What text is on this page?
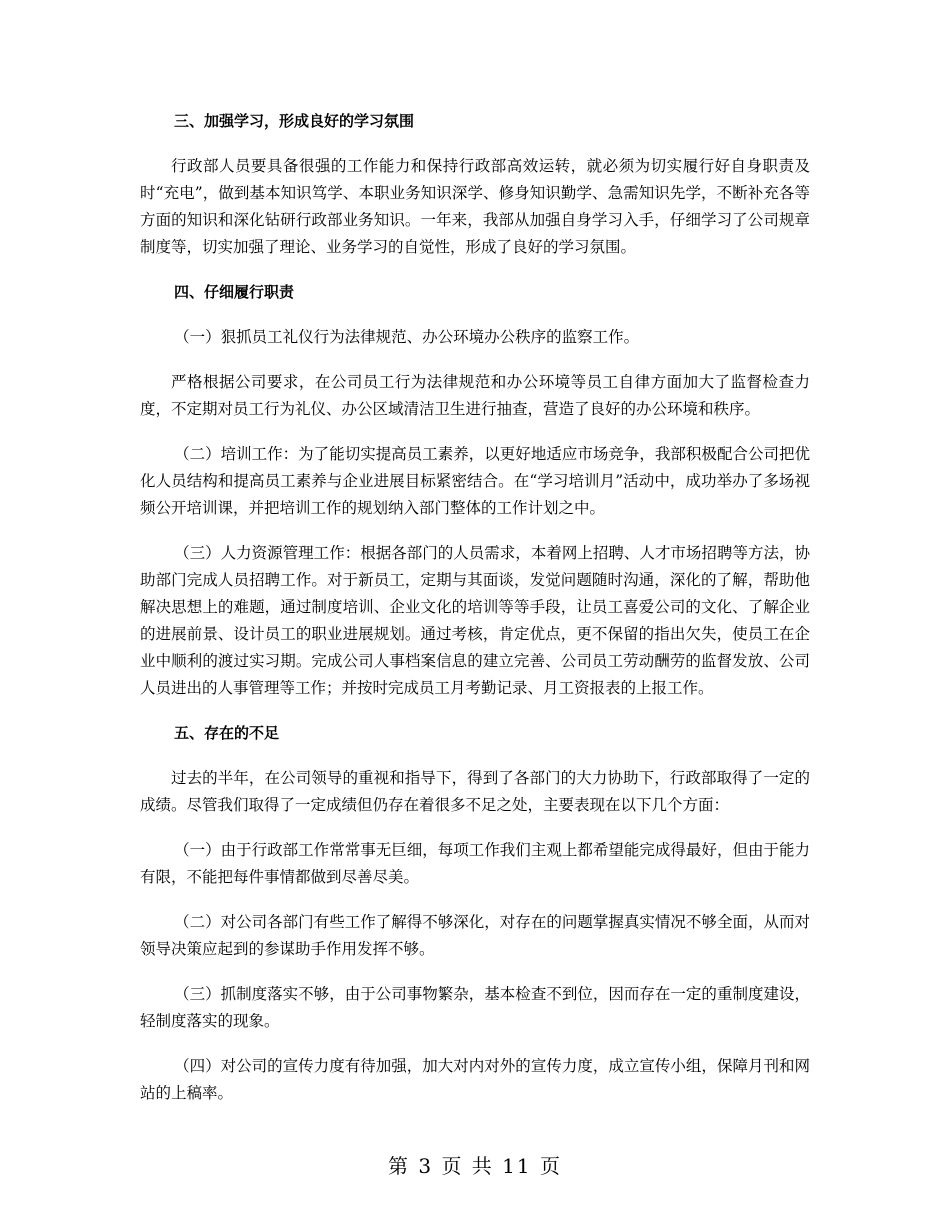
三、加强学习，形成良好的学习氛围

行政部人员要具备很强的工作能力和保持行政部高效运转，就必须为切实履行好自身职责及时“充电”，做到基本知识笃学、本职业务知识深学、修身知识勤学、急需知识先学，不断补充各等方面的知识和深化钻研行政部业务知识。一年来，我部从加强自身学习入手，仔细学习了公司规章制度等，切实加强了理论、业务学习的自觉性，形成了良好的学习氛围。

四、仔细履行职责

（一）狠抓员工礼仪行为法律规范、办公环境办公秩序的监察工作。

严格根据公司要求，在公司员工行为法律规范和办公环境等员工自律方面加大了监督检查力度，不定期对员工行为礼仪、办公区域清洁卫生进行抽查，营造了良好的办公环境和秩序。

（二）培训工作：为了能切实提高员工素养，以更好地适应市场竞争，我部积极配合公司把优化人员结构和提高员工素养与企业进展目标紧密结合。在“学习培训月”活动中，成功举办了多场视频公开培训课，并把培训工作的规划纳入部门整体的工作计划之中。

（三）人力资源管理工作：根据各部门的人员需求，本着网上招聘、人才市场招聘等方法，协助部门完成人员招聘工作。对于新员工，定期与其面谈，发觉问题随时沟通，深化的了解，帮助他解决思想上的难题，通过制度培训、企业文化的培训等等手段，让员工喜爱公司的文化、了解企业的进展前景、设计员工的职业进展规划。通过考核，肯定优点，更不保留的指出欠失，使员工在企业中顺利的渡过实习期。完成公司人事档案信息的建立完善、公司员工劳动酬劳的监督发放、公司人员进出的人事管理等工作；并按时完成员工月考勤记录、月工资报表的上报工作。

五、存在的不足

过去的半年，在公司领导的重视和指导下，得到了各部门的大力协助下，行政部取得了一定的成绩。尽管我们取得了一定成绩但仍存在着很多不足之处，主要表现在以下几个方面：

（一）由于行政部工作常常事无巨细，每项工作我们主观上都希望能完成得最好，但由于能力有限，不能把每件事情都做到尽善尽美。

（二）对公司各部门有些工作了解得不够深化，对存在的问题掌握真实情况不够全面，从而对领导决策应起到的参谋助手作用发挥不够。

（三）抓制度落实不够，由于公司事物繁杂，基本检查不到位，因而存在一定的重制度建设，轻制度落实的现象。

（四）对公司的宣传力度有待加强，加大对内对外的宣传力度，成立宣传小组，保障月刊和网站的上稿率。

第 3 页 共 11 页
